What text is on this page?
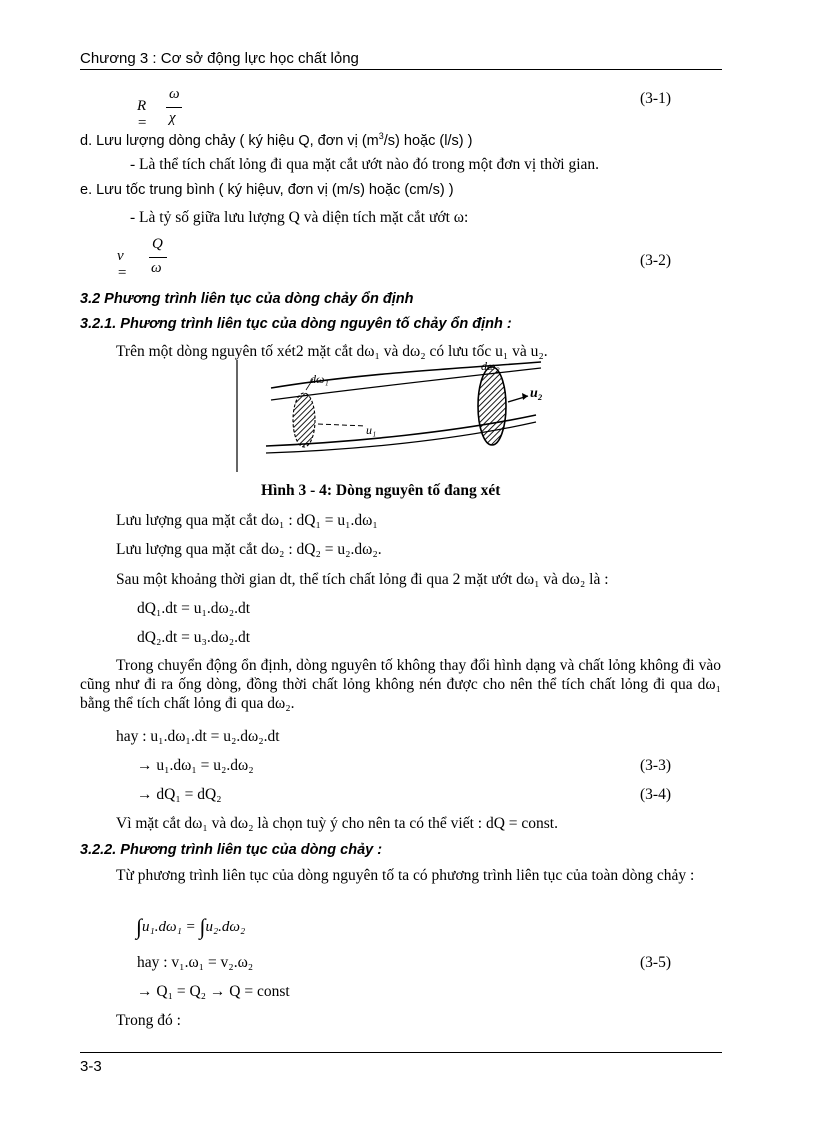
Chương 3 : Cơ sở động lực học chất lỏng
R =
ω
χ
(3-1)
d. Lưu lượng dòng chảy ( ký hiệu Q, đơn vị $(m^3/s)$ hoặc (l/s) )
- Là thể tích chất lỏng đi qua mặt cắt ướt nào đó trong một đơn vị thời gian.
e. Lưu tốc trung bình ( ký hiệuv, đơn vị (m/s) hoặc (cm/s) )
- Là tỷ số giữa lưu lượng Q và diện tích mặt cắt ướt ω:
v =
Q
ω	(3-2)
3.2 Phương trình liên tục của dòng chảy ổn định
3.2.1. Phương trình liên tục của dòng nguyên tố chảy ổn định :
Trên một dòng nguyên tố xét2 mặt cắt dω₁ và dω₂ có lưu tốc u₁ và u₂.
dω₁
dω₂
u₁
u₂
Hình 3 - 4: Dòng nguyên tố đang xét
Lưu lượng qua mặt cắt dω₁ : dQ₁ = u₁.dω₁
Lưu lượng qua mặt cắt dω₂ : dQ₂ = u₂.dω₂.
Sau một khoảng thời gian dt, thể tích chất lỏng đi qua 2 mặt ướt dω₁ và dω₂ là :
dQ₁.dt = u₁.dω₂.dt
dQ₂.dt = u₃.dω₂.dt
Trong chuyển động ổn định, dòng nguyên tố không thay đổi hình dạng và chất lỏng không đi vào cũng như đi ra ống dòng, đồng thời chất lỏng không nén được cho nên thể tích chất lỏng đi qua dω₁ bằng thể tích chất lỏng đi qua dω₂.
hay : u₁.dω₁.dt = u₂.dω₂.dt
→ u₁.dω₁ = u₂.dω₂	(3-3)
→ dQ₁ = dQ₂	(3-4)
Vì mặt cắt dω₁ và dω₂ là chọn tuỳ ý cho nên ta có thể viết : dQ = const.
3.2.2. Phương trình liên tục của dòng chảy :
Từ phương trình liên tục của dòng nguyên tố ta có phương trình liên tục của toàn dòng chảy :
∫u₁.dω₁ = ∫u₂.dω₂
hay : v₁.ω₁ = v₂.ω₂	(3-5)
→ Q₁ = Q₂ → Q = const
Trong đó :
3-3
